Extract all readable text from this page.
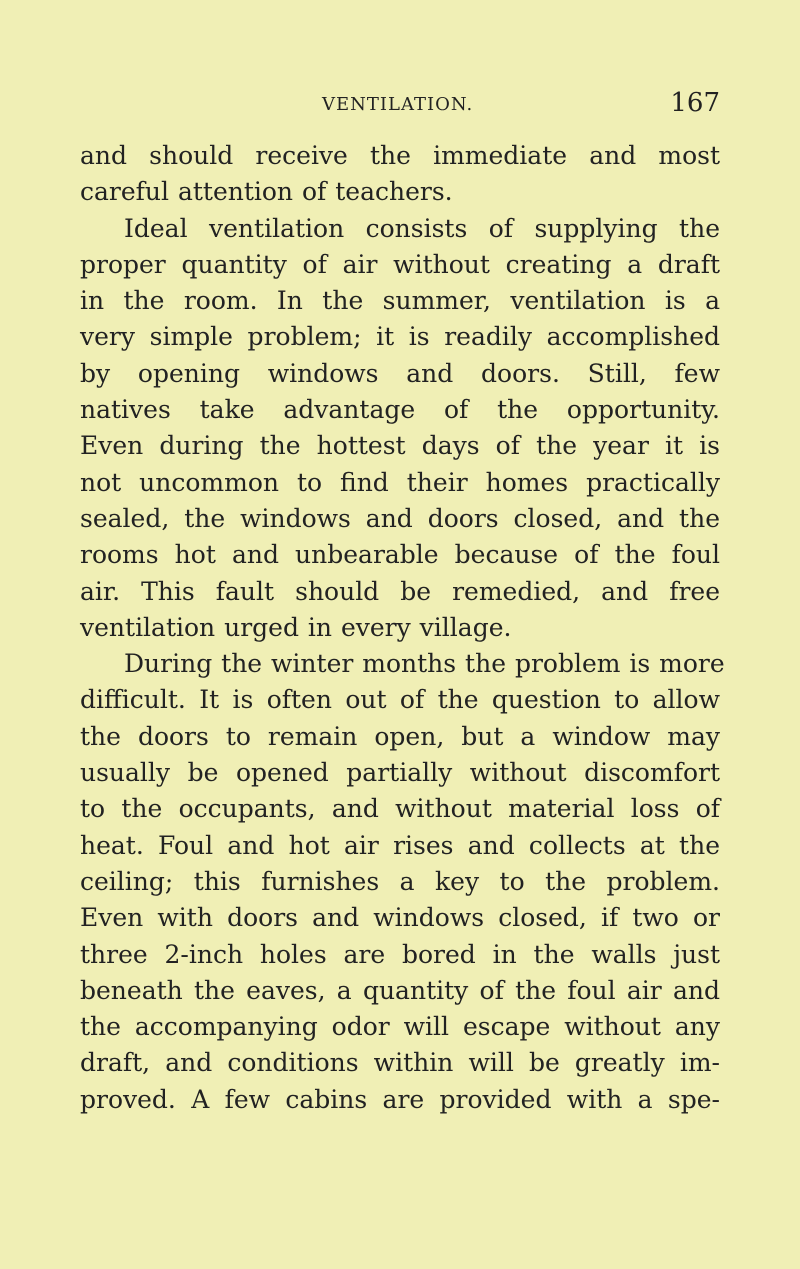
VENTILATION.	167
and should receive the immediate and most
careful attention of teachers.
Ideal ventilation consists of supplying the
proper quantity of air without creating a draft
in the room. In the summer, ventilation is a
very simple problem; it is readily accomplished
by opening windows and doors. Still, few
natives take advantage of the opportunity.
Even during the hottest days of the year it is
not uncommon to find their homes practically
sealed, the windows and doors closed, and the
rooms hot and unbearable because of the foul
air. This fault should be remedied, and free
ventilation urged in every village.
During the winter months the problem is more
difficult. It is often out of the question to allow
the doors to remain open, but a window may
usually be opened partially without discomfort
to the occupants, and without material loss of
heat. Foul and hot air rises and collects at the
ceiling; this furnishes a key to the problem.
Even with doors and windows closed, if two or
three 2-inch holes are bored in the walls just
beneath the eaves, a quantity of the foul air and
the accompanying odor will escape without any
draft, and conditions within will be greatly im-
proved. A few cabins are provided with a spe-
